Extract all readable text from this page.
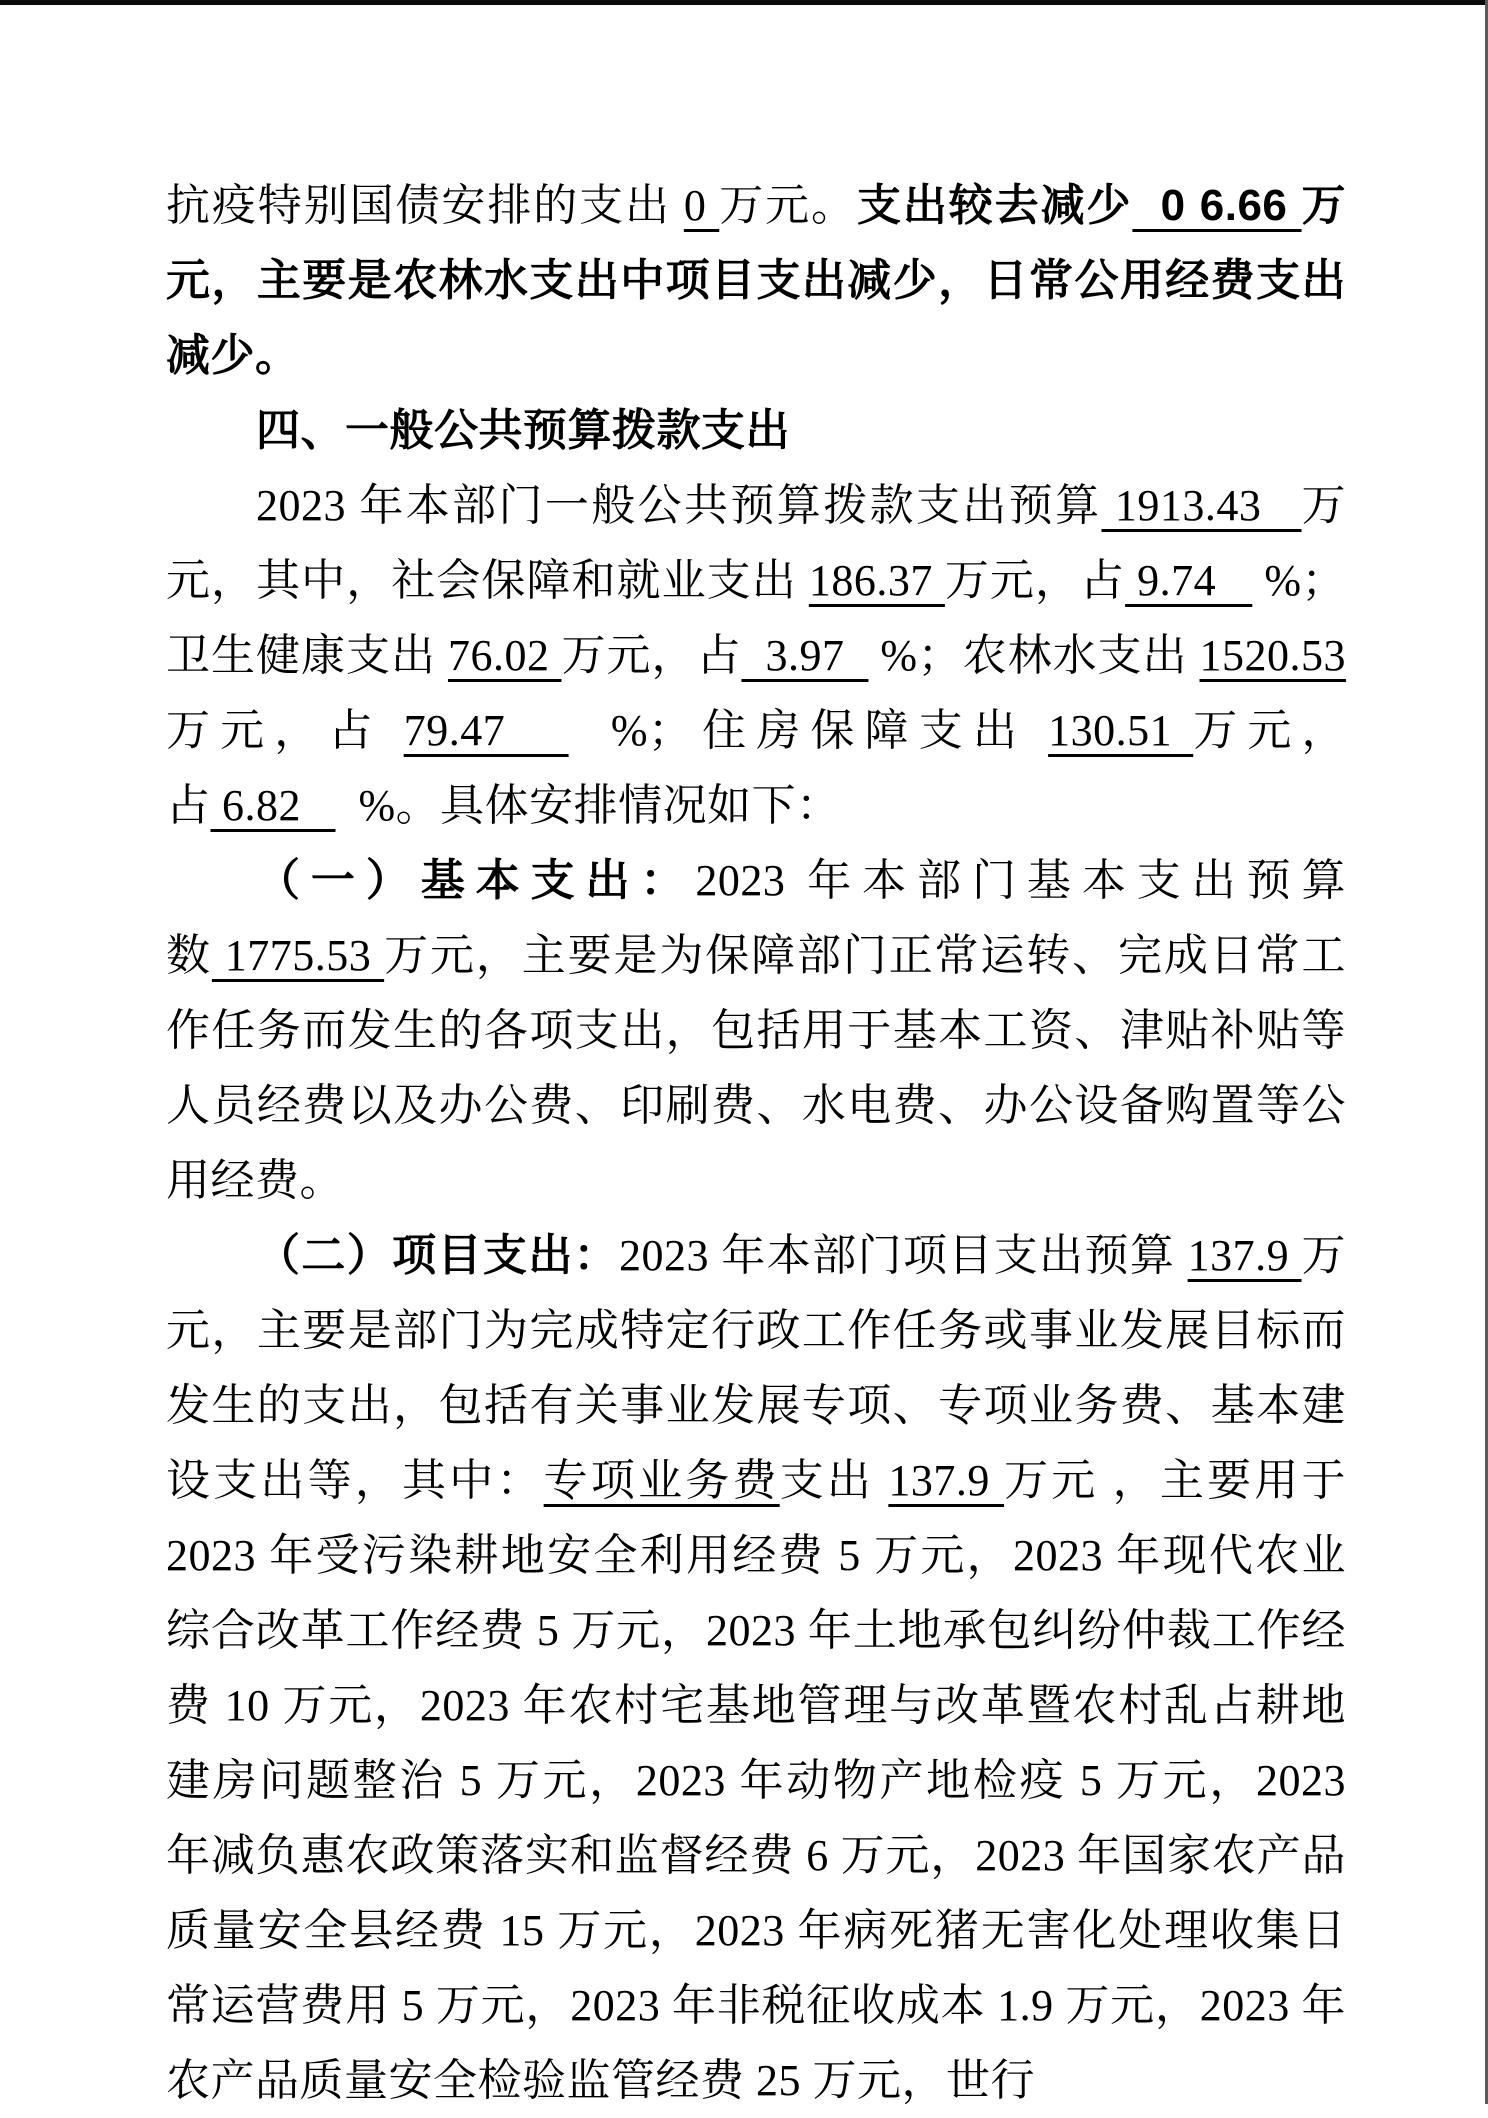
抗疫特别国债安排的支出 0 万元。支出较去减少  0 6.66 万元，主要是农林水支出中项目支出减少，日常公用经费支出减少。

四、一般公共预算拨款支出

2023 年本部门一般公共预算拨款支出预算 1913.43   万元，其中，社会保障和就业支出 186.37 万元，占 9.74    %；卫生健康支出 76.02 万元，占  3.97   %；农林水支出 1520.53 万元，占 79.47     %；住房保障支出 130.51 万元，占 6.82     %。具体安排情况如下：

（一）基本支出：2023 年本部门基本支出预算数 1775.53 万元，主要是为保障部门正常运转、完成日常工作任务而发生的各项支出，包括用于基本工资、津贴补贴等人员经费以及办公费、印刷费、水电费、办公设备购置等公用经费。

（二）项目支出：2023 年本部门项目支出预算 137.9 万元，主要是部门为完成特定行政工作任务或事业发展目标而发生的支出，包括有关事业发展专项、专项业务费、基本建设支出等，其中：专项业务费支出 137.9 万元 ，主要用于 2023 年受污染耕地安全利用经费 5 万元，2023 年现代农业综合改革工作经费 5 万元，2023 年土地承包纠纷仲裁工作经费 10 万元，2023 年农村宅基地管理与改革暨农村乱占耕地建房问题整治 5 万元，2023 年动物产地检疫 5 万元，2023 年减负惠农政策落实和监督经费 6 万元，2023 年国家农产品质量安全县经费 15 万元，2023 年病死猪无害化处理收集日常运营费用 5 万元，2023 年非税征收成本 1.9 万元，2023 年农产品质量安全检验监管经费 25 万元，世行
